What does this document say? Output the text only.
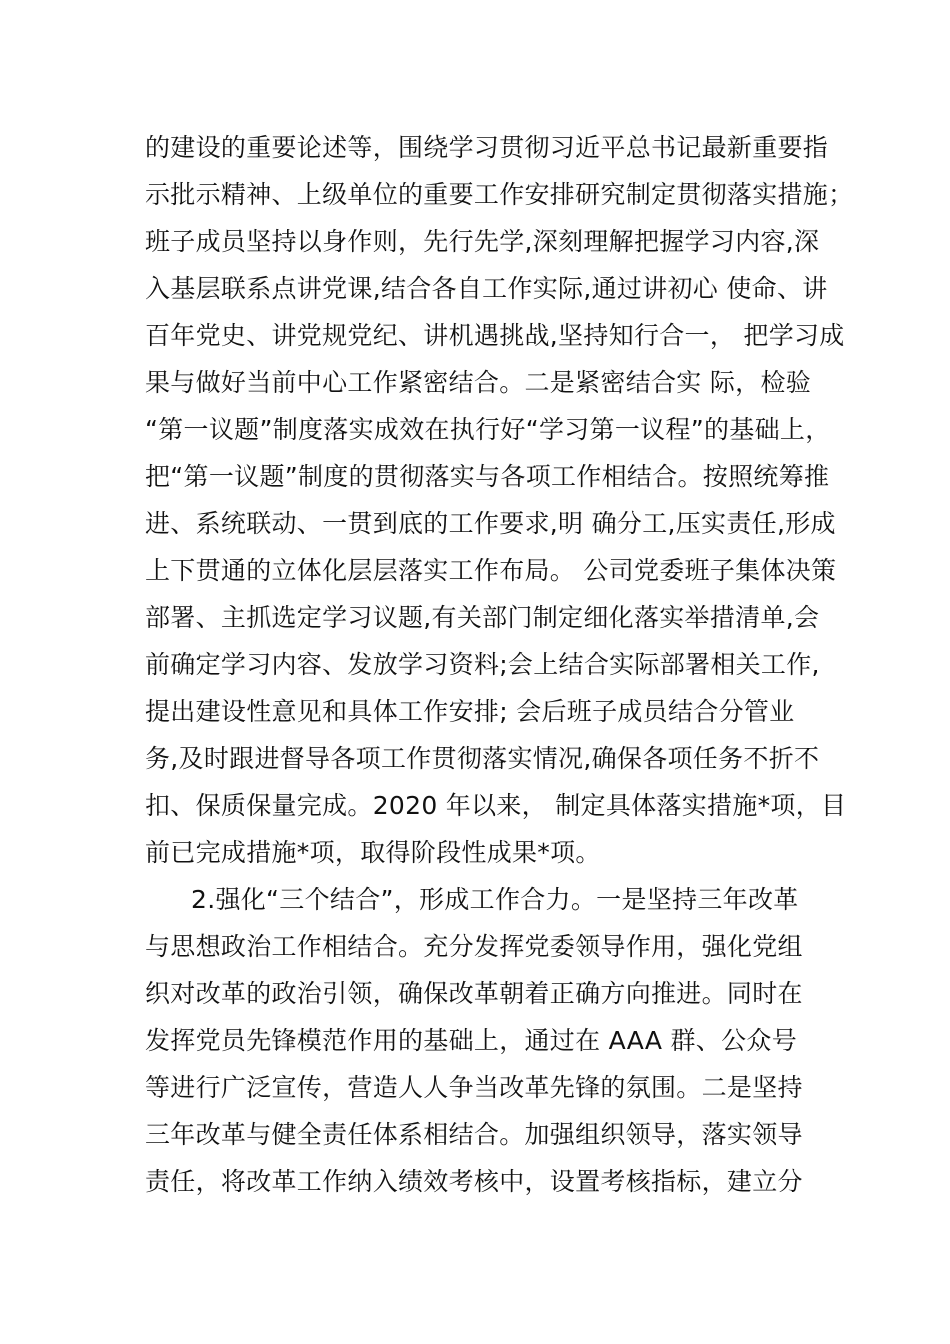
的建设的重要论述等，围绕学习贯彻习近平总书记最新重要指
示批示精神、上级单位的重要工作安排研究制定贯彻落实措施；
班子成员坚持以身作则，先行先学,深刻理解把握学习内容,深
入基层联系点讲党课,结合各自工作实际,通过讲初心 使命、讲
百年党史、讲党规党纪、讲机遇挑战,坚持知行合一， 把学习成
果与做好当前中心工作紧密结合。二是紧密结合实 际，检验
“第一议题”制度落实成效在执行好“学习第一议程”的基础上，
把“第一议题”制度的贯彻落实与各项工作相结合。按照统筹推
进、系统联动、一贯到底的工作要求,明 确分工,压实责任,形成
上下贯通的立体化层层落实工作布局。 公司党委班子集体决策
部署、主抓选定学习议题,有关部门制定细化落实举措清单,会
前确定学习内容、发放学习资料;会上结合实际部署相关工作,
提出建设性意见和具体工作安排; 会后班子成员结合分管业
务,及时跟进督导各项工作贯彻落实情况,确保各项任务不折不
扣、保质保量完成。2020 年以来， 制定具体落实措施*项，目
前已完成措施*项，取得阶段性成果*项。
2.强化“三个结合”，形成工作合力。一是坚持三年改革
与思想政治工作相结合。充分发挥党委领导作用，强化党组
织对改革的政治引领，确保改革朝着正确方向推进。同时在
发挥党员先锋模范作用的基础上，通过在 AAA 群、公众号
等进行广泛宣传，营造人人争当改革先锋的氛围。二是坚持
三年改革与健全责任体系相结合。加强组织领导，落实领导
责任，将改革工作纳入绩效考核中，设置考核指标，建立分
